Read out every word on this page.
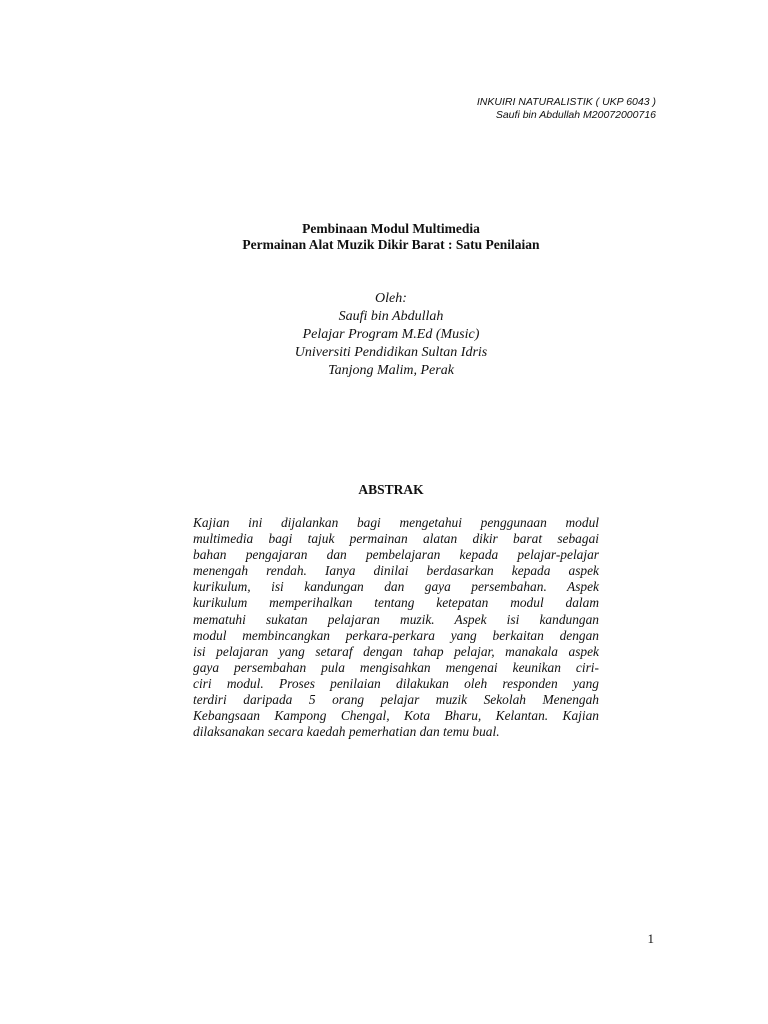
INKUIRI NATURALISTIK ( UKP 6043 )
Saufi bin Abdullah M20072000716
Pembinaan Modul Multimedia
Permainan Alat Muzik Dikir Barat : Satu Penilaian
Oleh:
Saufi bin Abdullah
Pelajar Program M.Ed (Music)
Universiti Pendidikan Sultan Idris
Tanjong Malim, Perak
ABSTRAK
Kajian ini dijalankan bagi mengetahui penggunaan modul
multimedia bagi tajuk permainan alatan dikir barat sebagai
bahan pengajaran dan pembelajaran kepada pelajar-pelajar
menengah rendah. Ianya dinilai berdasarkan kepada aspek
kurikulum, isi kandungan dan gaya persembahan. Aspek
kurikulum memperihalkan tentang ketepatan modul dalam
mematuhi sukatan pelajaran muzik. Aspek isi kandungan
modul membincangkan perkara-perkara yang berkaitan dengan
isi pelajaran yang setaraf dengan tahap pelajar, manakala aspek
gaya persembahan pula mengisahkan mengenai keunikan ciri-
ciri modul. Proses penilaian dilakukan oleh responden yang
terdiri daripada 5 orang pelajar muzik Sekolah Menengah
Kebangsaan Kampong Chengal, Kota Bharu, Kelantan. Kajian
dilaksanakan secara kaedah pemerhatian dan temu bual.
1
